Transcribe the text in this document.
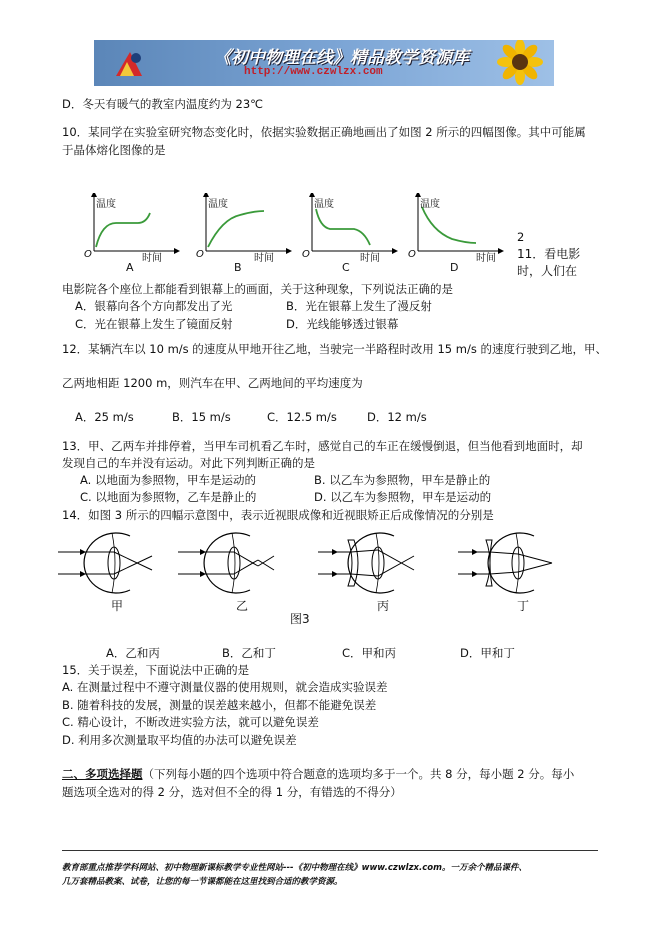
《初中物理在线》精品教学资源库
http://www.czwlzx.com
D．冬天有暖气的教室内温度约为 23℃
10．某同学在实验室研究物态变化时，依据实验数据正确地画出了如图 2 所示的四幅图像。其中可能属
于晶体熔化图像的是
温度
时间
O
A
温度
时间
O
B
温度
时间
O
C
温度
时间
O
D
2
11．看电影
时，人们在
电影院各个座位上都能看到银幕上的画面，关于这种现象，下列说法正确的是
A．银幕向各个方向都发出了光	B．光在银幕上发生了漫反射
C．光在银幕上发生了镜面反射	D．光线能够透过银幕
12．某辆汽车以 10 m/s 的速度从甲地开往乙地，当驶完一半路程时改用 15 m/s 的速度行驶到乙地，甲、
乙两地相距 1200 m，则汽车在甲、乙两地间的平均速度为
A．25 m/s	B．15 m/s	C．12.5 m/s	D．12 m/s
13．甲、乙两车并排停着，当甲车司机看乙车时，感觉自己的车正在缓慢倒退，但当他看到地面时，却
发现自己的车并没有运动。对此下列判断正确的是
A. 以地面为参照物，甲车是运动的	B. 以乙车为参照物，甲车是静止的
C. 以地面为参照物，乙车是静止的	D. 以乙车为参照物，甲车是运动的
14．如图 3 所示的四幅示意图中，表示近视眼成像和近视眼矫正后成像情况的分别是
甲	乙	丙	丁
图3
A．乙和丙	B．乙和丁	C．甲和丙	D．甲和丁
15．关于误差，下面说法中正确的是
A. 在测量过程中不遵守测量仪器的使用规则，就会造成实验误差
B. 随着科技的发展，测量的误差越来越小，但都不能避免误差
C. 精心设计，不断改进实验方法，就可以避免误差
D. 利用多次测量取平均值的办法可以避免误差
二、多项选择题（下列每小题的四个选项中符合题意的选项均多于一个。共 8 分，每小题 2 分。每小
题选项全选对的得 2 分，选对但不全的得 1 分，有错选的不得分）
教育部重点推荐学科网站、初中物理新课标教学专业性网站---《初中物理在线》www.czwlzx.com。一万余个精品课件、
几万套精品教案、试卷，让您的每一节课都能在这里找到合适的教学资源。
